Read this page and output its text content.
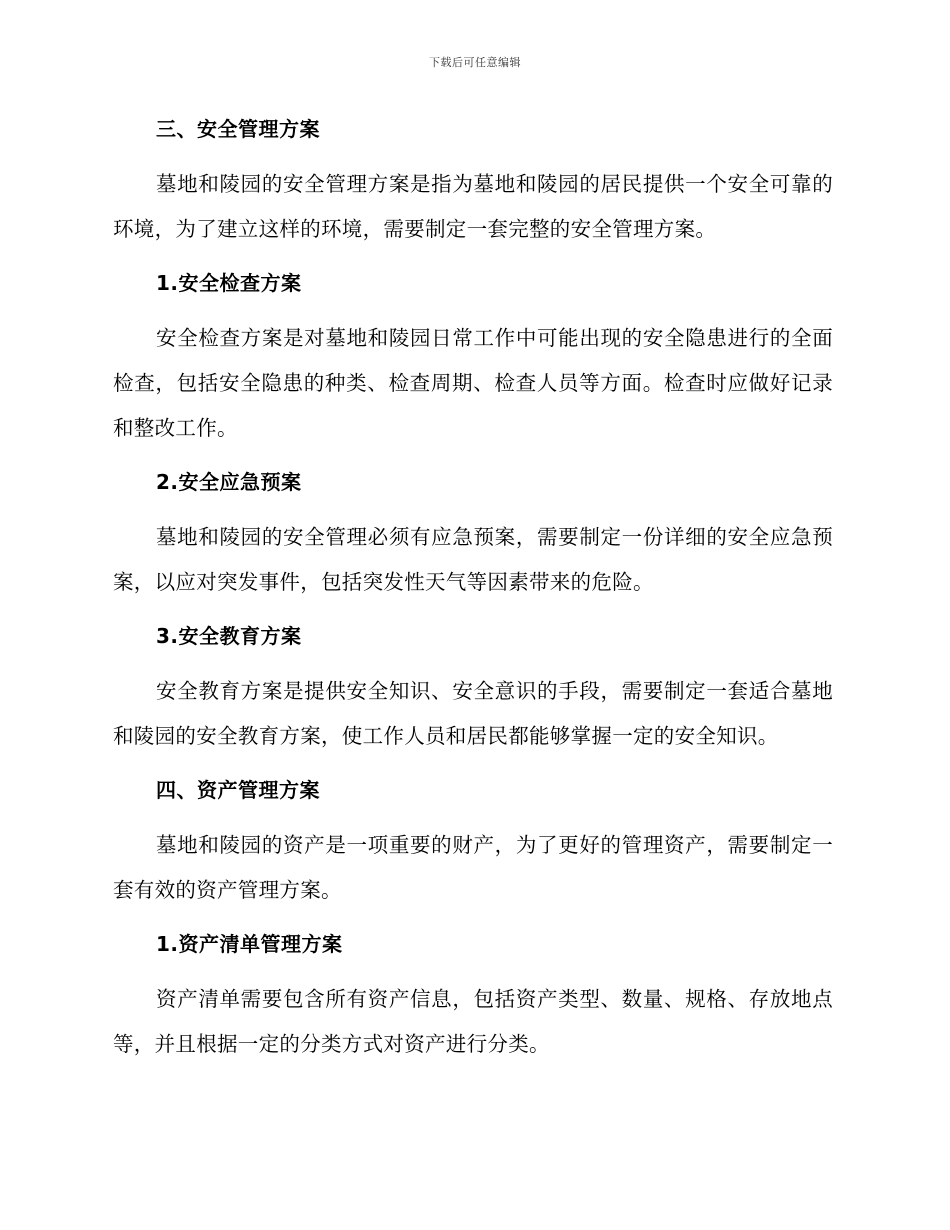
下载后可任意编辑
三、安全管理方案

墓地和陵园的安全管理方案是指为墓地和陵园的居民提供一个安全可靠的环境，为了建立这样的环境，需要制定一套完整的安全管理方案。

1.安全检查方案

安全检查方案是对墓地和陵园日常工作中可能出现的安全隐患进行的全面检查，包括安全隐患的种类、检查周期、检查人员等方面。检查时应做好记录和整改工作。

2.安全应急预案

墓地和陵园的安全管理必须有应急预案，需要制定一份详细的安全应急预案，以应对突发事件，包括突发性天气等因素带来的危险。

3.安全教育方案

安全教育方案是提供安全知识、安全意识的手段，需要制定一套适合墓地和陵园的安全教育方案，使工作人员和居民都能够掌握一定的安全知识。

四、资产管理方案

墓地和陵园的资产是一项重要的财产，为了更好的管理资产，需要制定一套有效的资产管理方案。

1.资产清单管理方案

资产清单需要包含所有资产信息，包括资产类型、数量、规格、存放地点等，并且根据一定的分类方式对资产进行分类。
